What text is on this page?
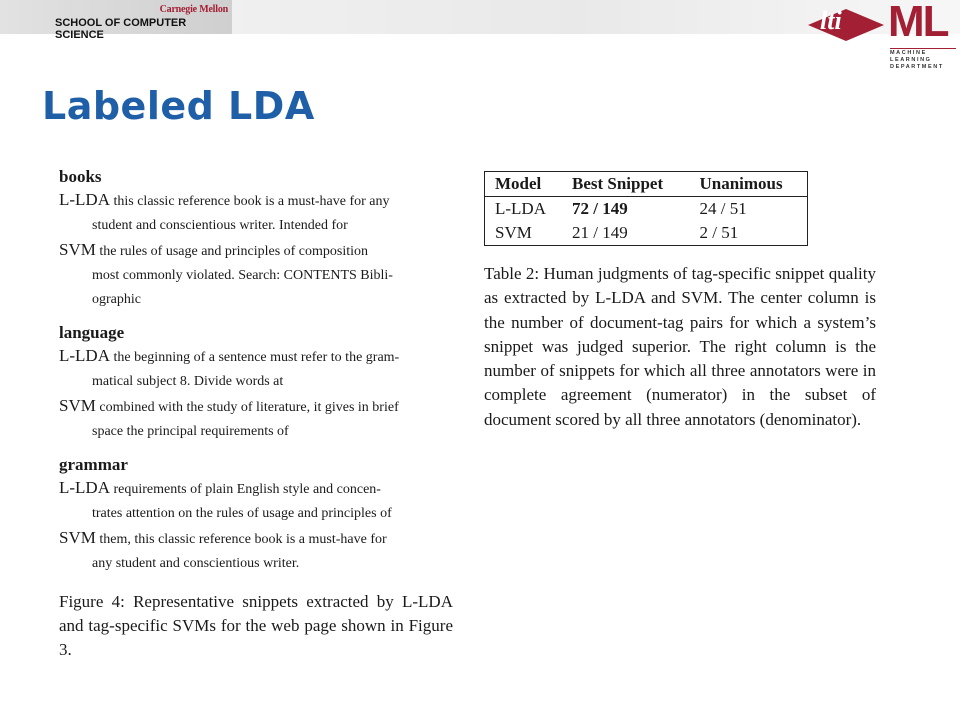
Carnegie Mellon
SCHOOL OF COMPUTER SCIENCE	lti ML
MACHINE LEARNING
DEPARTMENT
Labeled LDA
books
L-LDA this classic reference book is a must-have for any
student and conscientious writer. Intended for
SVM the rules of usage and principles of composition
most commonly violated. Search: CONTENTS Bibli-
ographic
language
L-LDA the beginning of a sentence must refer to the gram-
matical subject 8. Divide words at
SVM combined with the study of literature, it gives in brief
space the principal requirements of
grammar
L-LDA requirements of plain English style and concen-
trates attention on the rules of usage and principles of
SVM them, this classic reference book is a must-have for
any student and conscientious writer.
Figure 4: Representative snippets extracted by L-LDA and tag-specific SVMs for the web page shown in Figure 3.
Model	Best Snippet	Unanimous
L-LDA	72 / 149	24 / 51
SVM	21 / 149	2 / 51
Table 2: Human judgments of tag-specific snippet quality as extracted by L-LDA and SVM. The center column is the number of document-tag pairs for which a system’s snippet was judged superior. The right column is the number of snippets for which all three annotators were in complete agreement (numerator) in the subset of document scored by all three annotators (denominator).
